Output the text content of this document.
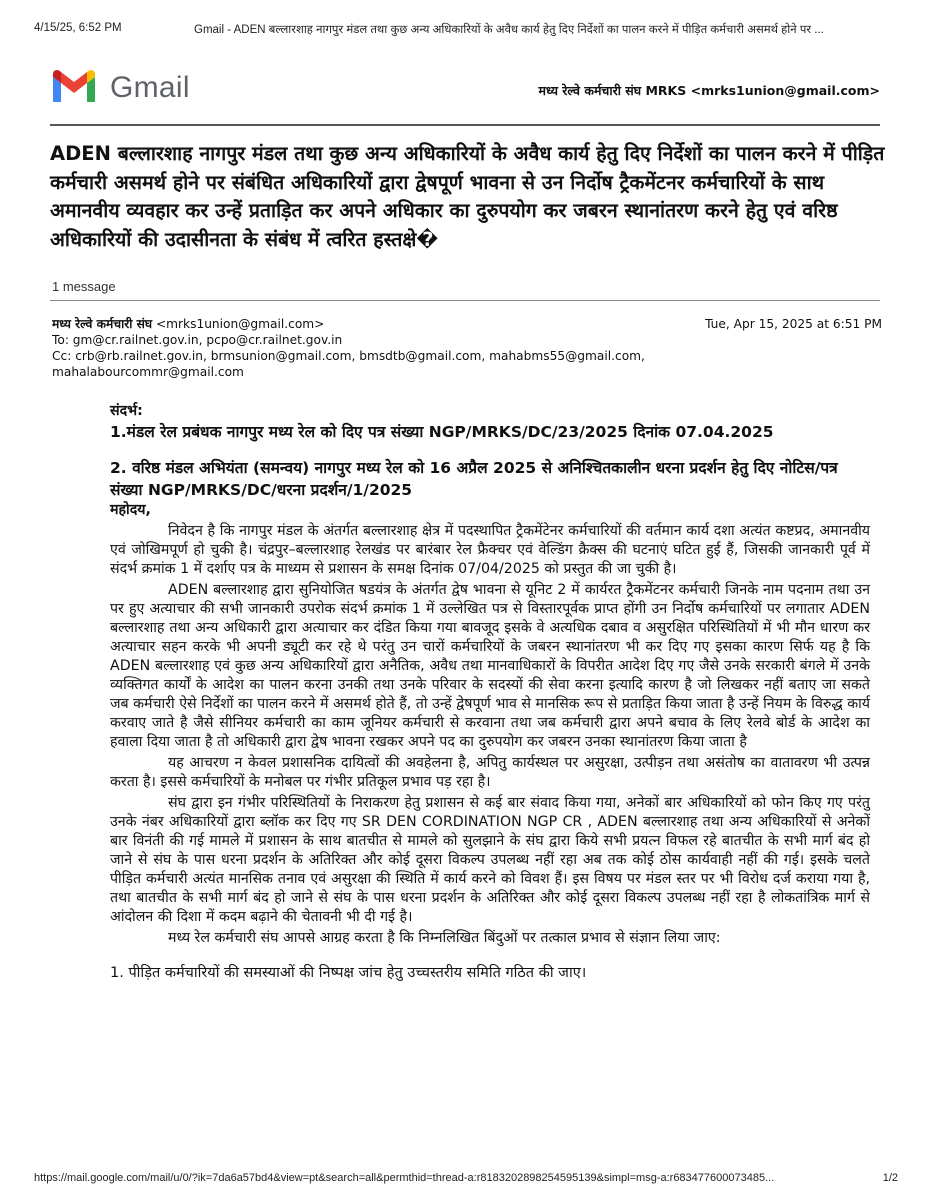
4/15/25, 6:52 PM	Gmail - ADEN बल्लारशाह नागपुर मंडल तथा कुछ अन्य अधिकारियों के अवैध कार्य हेतु दिए निर्देशों का पालन करने में पीड़ित कर्मचारी असमर्थ होने पर ...
Gmail	मध्य रेल्वे कर्मचारी संघ MRKS <mrks1union@gmail.com>
ADEN बल्लारशाह नागपुर मंडल तथा कुछ अन्य अधिकारियों के अवैध कार्य हेतु दिए निर्देशों का पालन करने में पीड़ित कर्मचारी असमर्थ होने पर संबंधित अधिकारियों द्वारा द्वेषपूर्ण भावना से उन निर्दोष ट्रैकमेंटनर कर्मचारियों के साथ अमानवीय व्यवहार कर उन्हें प्रताड़ित कर अपने अधिकार का दुरुपयोग कर जबरन स्थानांतरण करने हेतु एवं वरिष्ठ अधिकारियों की उदासीनता के संबंध में त्वरित हस्तक्षे�
1 message
मध्य रेल्वे कर्मचारी संघ <mrks1union@gmail.com>	Tue, Apr 15, 2025 at 6:51 PM
To: gm@cr.railnet.gov.in, pcpo@cr.railnet.gov.in
Cc: crb@rb.railnet.gov.in, brmsunion@gmail.com, bmsdtb@gmail.com, mahabms55@gmail.com,
mahalabourcommr@gmail.com
संदर्भ:
1.मंडल रेल प्रबंधक नागपुर मध्य रेल को दिए पत्र संख्या NGP/MRKS/DC/23/2025 दिनांक 07.04.2025
2. वरिष्ठ मंडल अभियंता (समन्वय) नागपुर मध्य रेल को 16 अप्रैल 2025 से अनिश्चितकालीन धरना प्रदर्शन हेतु दिए नोटिस/पत्र संख्या NGP/MRKS/DC/धरना प्रदर्शन/1/2025
महोदय,

निवेदन है कि नागपुर मंडल के अंतर्गत बल्लारशाह क्षेत्र में पदस्थापित ट्रैकमेंटेनर कर्मचारियों की वर्तमान कार्य दशा अत्यंत कष्टप्रद, अमानवीय एवं जोखिमपूर्ण हो चुकी है। चंद्रपुर–बल्लारशाह रेलखंड पर बारंबार रेल फ्रैक्चर एवं वेल्डिंग क्रैक्स की घटनाएं घटित हुई हैं, जिसकी जानकारी पूर्व में संदर्भ क्रमांक 1 में दर्शाए पत्र के माध्यम से प्रशासन के समक्ष दिनांक 07/04/2025 को प्रस्तुत की जा चुकी है।

ADEN बल्लारशाह द्वारा सुनियोजित षडयंत्र के अंतर्गत द्वेष भावना से यूनिट 2 में कार्यरत ट्रैकमेंटनर कर्मचारी जिनके नाम पदनाम तथा उन पर हुए अत्याचार की सभी जानकारी उपरोक संदर्भ क्रमांक 1 में उल्लेखित पत्र से विस्तारपूर्वक प्राप्त होंगी उन निर्दोष कर्मचारियों पर लगातार ADEN बल्लारशाह तथा अन्य अधिकारी द्वारा अत्याचार कर दंडित किया गया बावजूद इसके वे अत्यधिक दबाव व असुरक्षित परिस्थितियों में भी मौन धारण कर अत्याचार सहन करके भी अपनी ड्यूटी कर रहे थे परंतु उन चारों कर्मचारियों के जबरन स्थानांतरण भी कर दिए गए इसका कारण सिर्फ यह है कि ADEN बल्लारशाह एवं कुछ अन्य अधिकारियों द्वारा अनैतिक, अवैध तथा मानवाधिकारों के विपरीत आदेश दिए गए जैसे उनके सरकारी बंगले में उनके व्यक्तिगत कार्यों के आदेश का पालन करना उनकी तथा उनके परिवार के सदस्यों की सेवा करना इत्यादि कारण है जो लिखकर नहीं बताए जा सकते जब कर्मचारी ऐसे निर्देशों का पालन करने में असमर्थ होते हैं, तो उन्हें द्वेषपूर्ण भाव से मानसिक रूप से प्रताड़ित किया जाता है उन्हें नियम के विरुद्ध कार्य करवाए जाते है जैसे सीनियर कर्मचारी का काम जूनियर कर्मचारी से करवाना तथा जब कर्मचारी द्वारा अपने बचाव के लिए रेलवे बोर्ड के आदेश का हवाला दिया जाता है तो अधिकारी द्वारा द्वेष भावना रखकर अपने पद का दुरुपयोग कर जबरन उनका स्थानांतरण किया जाता है

यह आचरण न केवल प्रशासनिक दायित्वों की अवहेलना है, अपितु कार्यस्थल पर असुरक्षा, उत्पीड़न तथा असंतोष का वातावरण भी उत्पन्न करता है। इससे कर्मचारियों के मनोबल पर गंभीर प्रतिकूल प्रभाव पड़ रहा है।

संघ द्वारा इन गंभीर परिस्थितियों के निराकरण हेतु प्रशासन से कई बार संवाद किया गया, अनेकों बार अधिकारियों को फोन किए गए परंतु उनके नंबर अधिकारियों द्वारा ब्लॉक कर दिए गए SR DEN CORDINATION NGP CR , ADEN बल्लारशाह तथा अन्य अधिकारियों से अनेकों बार विनंती की गई मामले में प्रशासन के साथ बातचीत से मामले को सुलझाने के संघ द्वारा किये सभी प्रयत्न विफल रहे बातचीत के सभी मार्ग बंद हो जाने से संघ के पास धरना प्रदर्शन के अतिरिक्त और कोई दूसरा विकल्प उपलब्ध नहीं रहा अब तक कोई ठोस कार्यवाही नहीं की गई। इसके चलते पीड़ित कर्मचारी अत्यंत मानसिक तनाव एवं असुरक्षा की स्थिति में कार्य करने को विवश हैं। इस विषय पर मंडल स्तर पर भी विरोध दर्ज कराया गया है, तथा बातचीत के सभी मार्ग बंद हो जाने से संघ के पास धरना प्रदर्शन के अतिरिक्त और कोई दूसरा विकल्प उपलब्ध नहीं रहा है लोकतांत्रिक मार्ग से आंदोलन की दिशा में कदम बढ़ाने की चेतावनी भी दी गई है।

मध्य रेल कर्मचारी संघ आपसे आग्रह करता है कि निम्नलिखित बिंदुओं पर तत्काल प्रभाव से संज्ञान लिया जाए:

1. पीड़ित कर्मचारियों की समस्याओं की निष्पक्ष जांच हेतु उच्चस्तरीय समिति गठित की जाए।

https://mail.google.com/mail/u/0/?ik=7da6a57bd4&view=pt&search=all&permthid=thread-a:r8183202898254595139&simpl=msg-a:r683477600073485...	1/2
